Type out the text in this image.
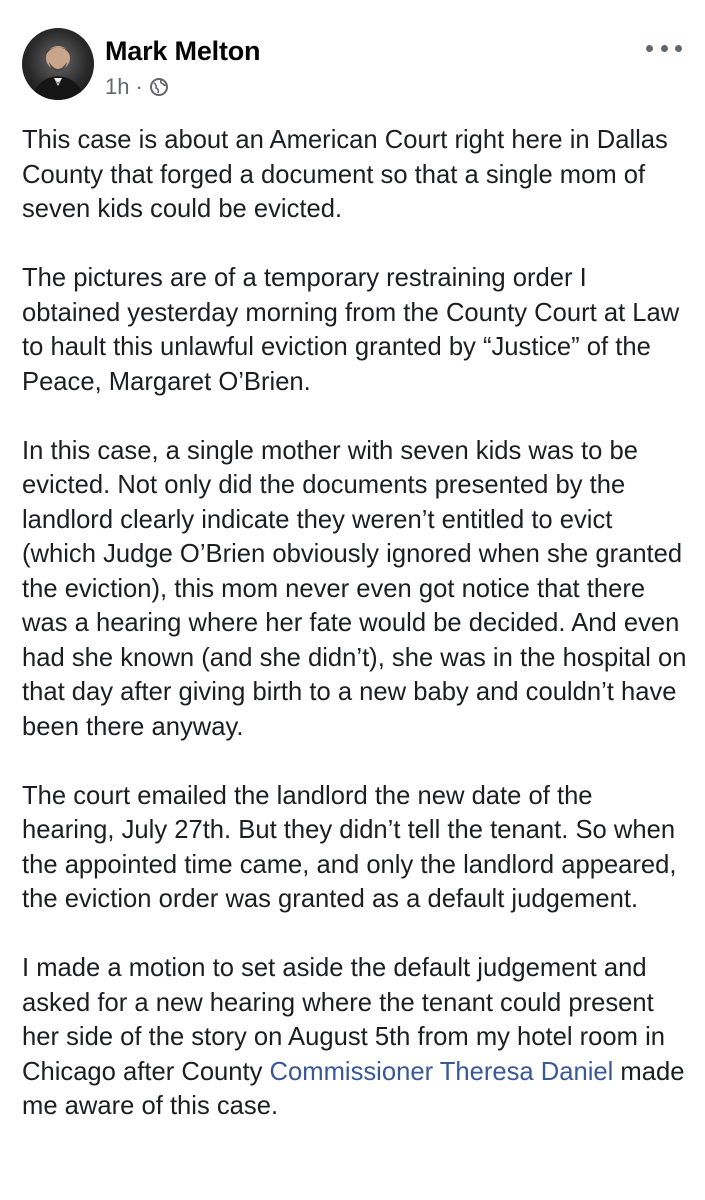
Mark Melton
1h ·

This case is about an American Court right here in Dallas County that forged a document so that a single mom of seven kids could be evicted.

The pictures are of a temporary restraining order I obtained yesterday morning from the County Court at Law to hault this unlawful eviction granted by “Justice” of the Peace, Margaret O’Brien.

In this case, a single mother with seven kids was to be evicted. Not only did the documents presented by the landlord clearly indicate they weren’t entitled to evict (which Judge O’Brien obviously ignored when she granted the eviction), this mom never even got notice that there was a hearing where her fate would be decided. And even had she known (and she didn’t), she was in the hospital on that day after giving birth to a new baby and couldn’t have been there anyway.

The court emailed the landlord the new date of the hearing, July 27th. But they didn’t tell the tenant. So when the appointed time came, and only the landlord appeared, the eviction order was granted as a default judgement.

I made a motion to set aside the default judgement and asked for a new hearing where the tenant could present her side of the story on August 5th from my hotel room in Chicago after County Commissioner Theresa Daniel made me aware of this case.
